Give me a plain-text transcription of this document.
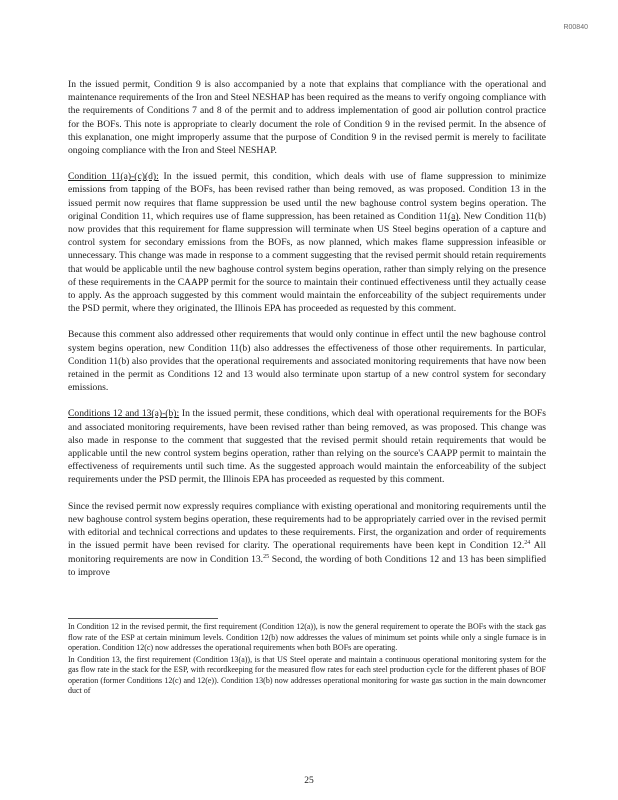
R00840

In the issued permit, Condition 9 is also accompanied by a note that explains that compliance with the operational and maintenance requirements of the Iron and Steel NESHAP has been required as the means to verify ongoing compliance with the requirements of Conditions 7 and 8 of the permit and to address implementation of good air pollution control practice for the BOFs. This note is appropriate to clearly document the role of Condition 9 in the revised permit. In the absence of this explanation, one might improperly assume that the purpose of Condition 9 in the revised permit is merely to facilitate ongoing compliance with the Iron and Steel NESHAP.

Condition 11(a)-(c)(d): In the issued permit, this condition, which deals with use of flame suppression to minimize emissions from tapping of the BOFs, has been revised rather than being removed, as was proposed. Condition 13 in the issued permit now requires that flame suppression be used until the new baghouse control system begins operation. The original Condition 11, which requires use of flame suppression, has been retained as Condition 11(a). New Condition 11(b) now provides that this requirement for flame suppression will terminate when US Steel begins operation of a capture and control system for secondary emissions from the BOFs, as now planned, which makes flame suppression infeasible or unnecessary. This change was made in response to a comment suggesting that the revised permit should retain requirements that would be applicable until the new baghouse control system begins operation, rather than simply relying on the presence of these requirements in the CAAPP permit for the source to maintain their continued effectiveness until they actually cease to apply. As the approach suggested by this comment would maintain the enforceability of the subject requirements under the PSD permit, where they originated, the Illinois EPA has proceeded as requested by this comment.

Because this comment also addressed other requirements that would only continue in effect until the new baghouse control system begins operation, new Condition 11(b) also addresses the effectiveness of those other requirements. In particular, Condition 11(b) also provides that the operational requirements and associated monitoring requirements that have now been retained in the permit as Conditions 12 and 13 would also terminate upon startup of a new control system for secondary emissions.

Conditions 12 and 13(a)-(b): In the issued permit, these conditions, which deal with operational requirements for the BOFs and associated monitoring requirements, have been revised rather than being removed, as was proposed. This change was also made in response to the comment that suggested that the revised permit should retain requirements that would be applicable until the new control system begins operation, rather than relying on the source's CAAPP permit to maintain the effectiveness of requirements until such time. As the suggested approach would maintain the enforceability of the subject requirements under the PSD permit, the Illinois EPA has proceeded as requested by this comment.

Since the revised permit now expressly requires compliance with existing operational and monitoring requirements until the new baghouse control system begins operation, these requirements had to be appropriately carried over in the revised permit with editorial and technical corrections and updates to these requirements. First, the organization and order of requirements in the issued permit have been revised for clarity. The operational requirements have been kept in Condition 12.24 All monitoring requirements are now in Condition 13.25 Second, the wording of both Conditions 12 and 13 has been simplified to improve

In Condition 12 in the revised permit, the first requirement (Condition 12(a)), is now the general requirement to operate the BOFs with the stack gas flow rate of the ESP at certain minimum levels. Condition 12(b) now addresses the values of minimum set points while only a single furnace is in operation. Condition 12(c) now addresses the operational requirements when both BOFs are operating.

In Condition 13, the first requirement (Condition 13(a)), is that US Steel operate and maintain a continuous operational monitoring system for the gas flow rate in the stack for the ESP, with recordkeeping for the measured flow rates for each steel production cycle for the different phases of BOF operation (former Conditions 12(c) and 12(e)). Condition 13(b) now addresses operational monitoring for waste gas suction in the main downcomer duct of

25
